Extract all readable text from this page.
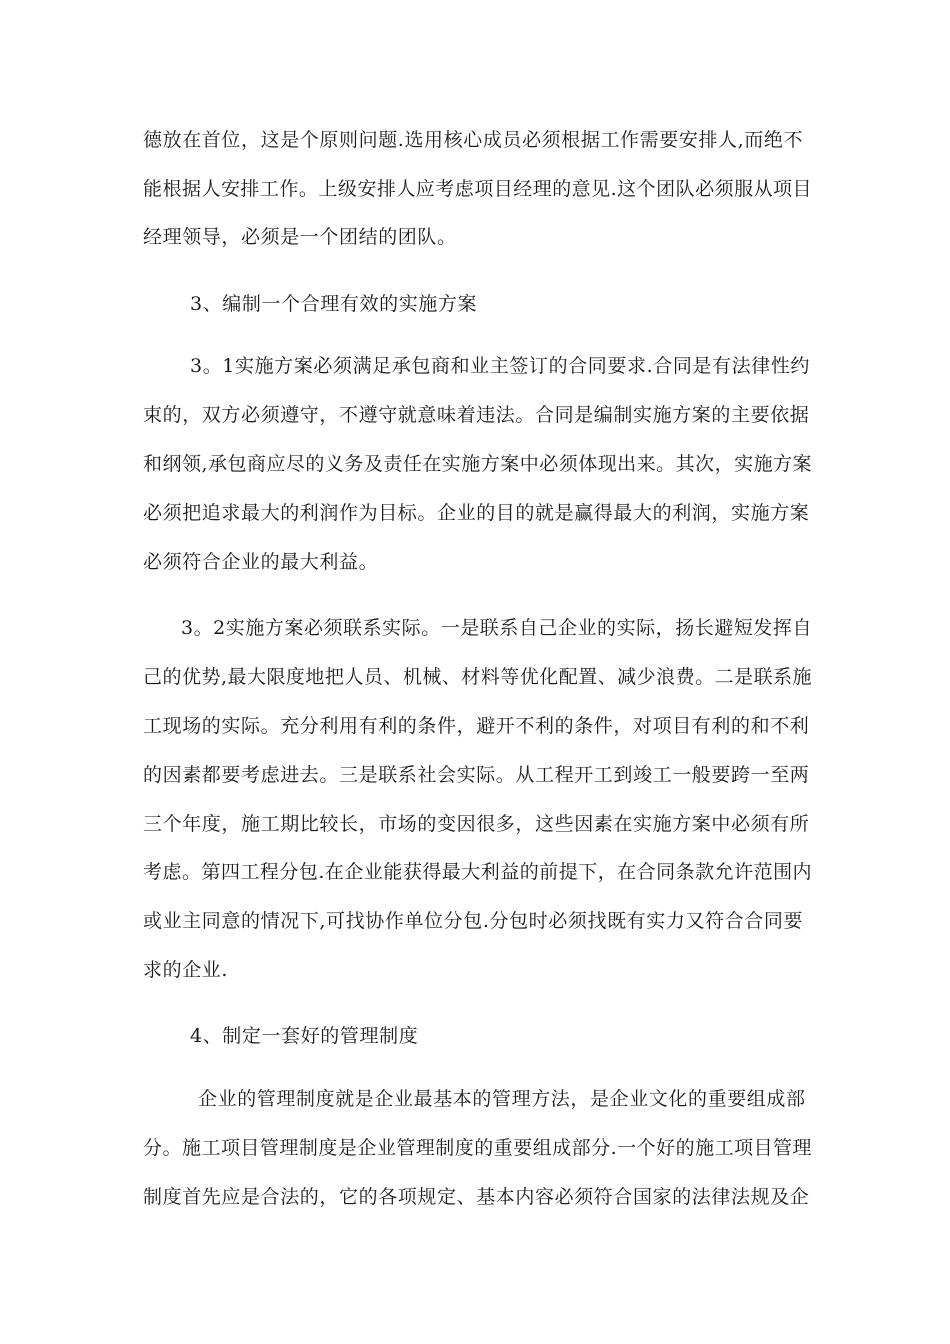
德放在首位，这是个原则问题.选用核心成员必须根据工作需要安排人,而绝不
能根据人安排工作。上级安排人应考虑项目经理的意见.这个团队必须服从项目
经理领导，必须是一个团结的团队。
3、编制一个合理有效的实施方案
3。1实施方案必须满足承包商和业主签订的合同要求.合同是有法律性约
束的，双方必须遵守，不遵守就意味着违法。合同是编制实施方案的主要依据
和纲领,承包商应尽的义务及责任在实施方案中必须体现出来。其次，实施方案
必须把追求最大的利润作为目标。企业的目的就是赢得最大的利润，实施方案
必须符合企业的最大利益。
3。2实施方案必须联系实际。一是联系自己企业的实际，扬长避短发挥自
己的优势,最大限度地把人员、机械、材料等优化配置、减少浪费。二是联系施
工现场的实际。充分利用有利的条件，避开不利的条件，对项目有利的和不利
的因素都要考虑进去。三是联系社会实际。从工程开工到竣工一般要跨一至两
三个年度，施工期比较长，市场的变因很多，这些因素在实施方案中必须有所
考虑。第四工程分包.在企业能获得最大利益的前提下，在合同条款允许范围内
或业主同意的情况下,可找协作单位分包.分包时必须找既有实力又符合合同要
求的企业.
4、制定一套好的管理制度
企业的管理制度就是企业最基本的管理方法，是企业文化的重要组成部
分。施工项目管理制度是企业管理制度的重要组成部分.一个好的施工项目管理
制度首先应是合法的，它的各项规定、基本内容必须符合国家的法律法规及企
